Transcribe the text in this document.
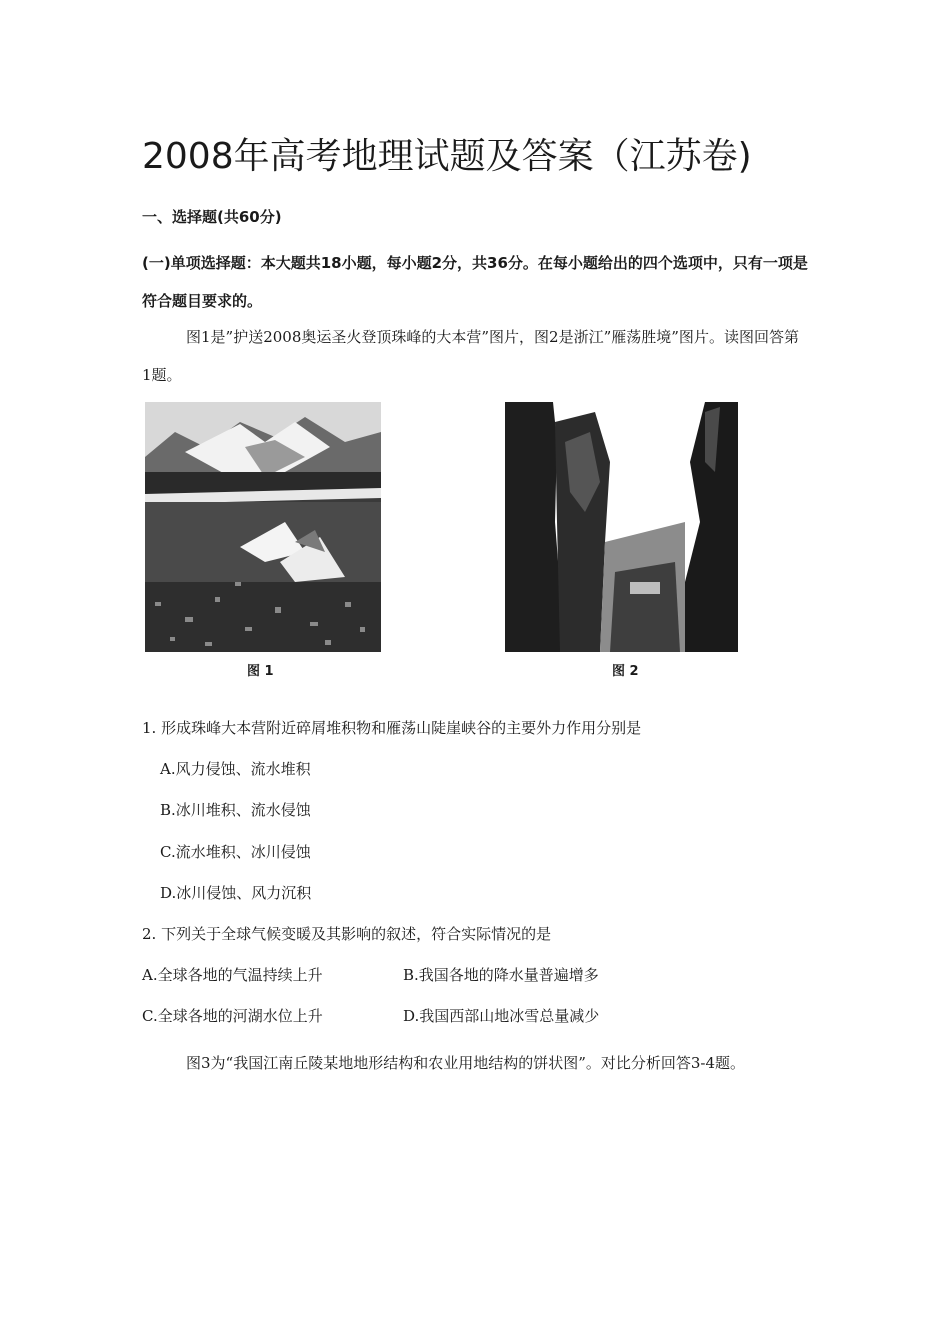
2008年高考地理试题及答案（江苏卷)
一、选择题(共60分)
(一)单项选择题：本大题共18小题，每小题2分，共36分。在每小题给出的四个选项中，只有一项是符合题目要求的。
图1是”护送2008奥运圣火登顶珠峰的大本营”图片，图2是浙江”雁荡胜境”图片。读图回答第1题。
图 1	图 2
1. 形成珠峰大本营附近碎屑堆积物和雁荡山陡崖峡谷的主要外力作用分别是
A.风力侵蚀、流水堆积
B.冰川堆积、流水侵蚀
C.流水堆积、冰川侵蚀
D.冰川侵蚀、风力沉积
2. 下列关于全球气候变暖及其影响的叙述，符合实际情况的是
A.全球各地的气温持续上升	B.我国各地的降水量普遍增多
C.全球各地的河湖水位上升	D.我国西部山地冰雪总量减少
图3为“我国江南丘陵某地地形结构和农业用地结构的饼状图”。对比分析回答3-4题。
